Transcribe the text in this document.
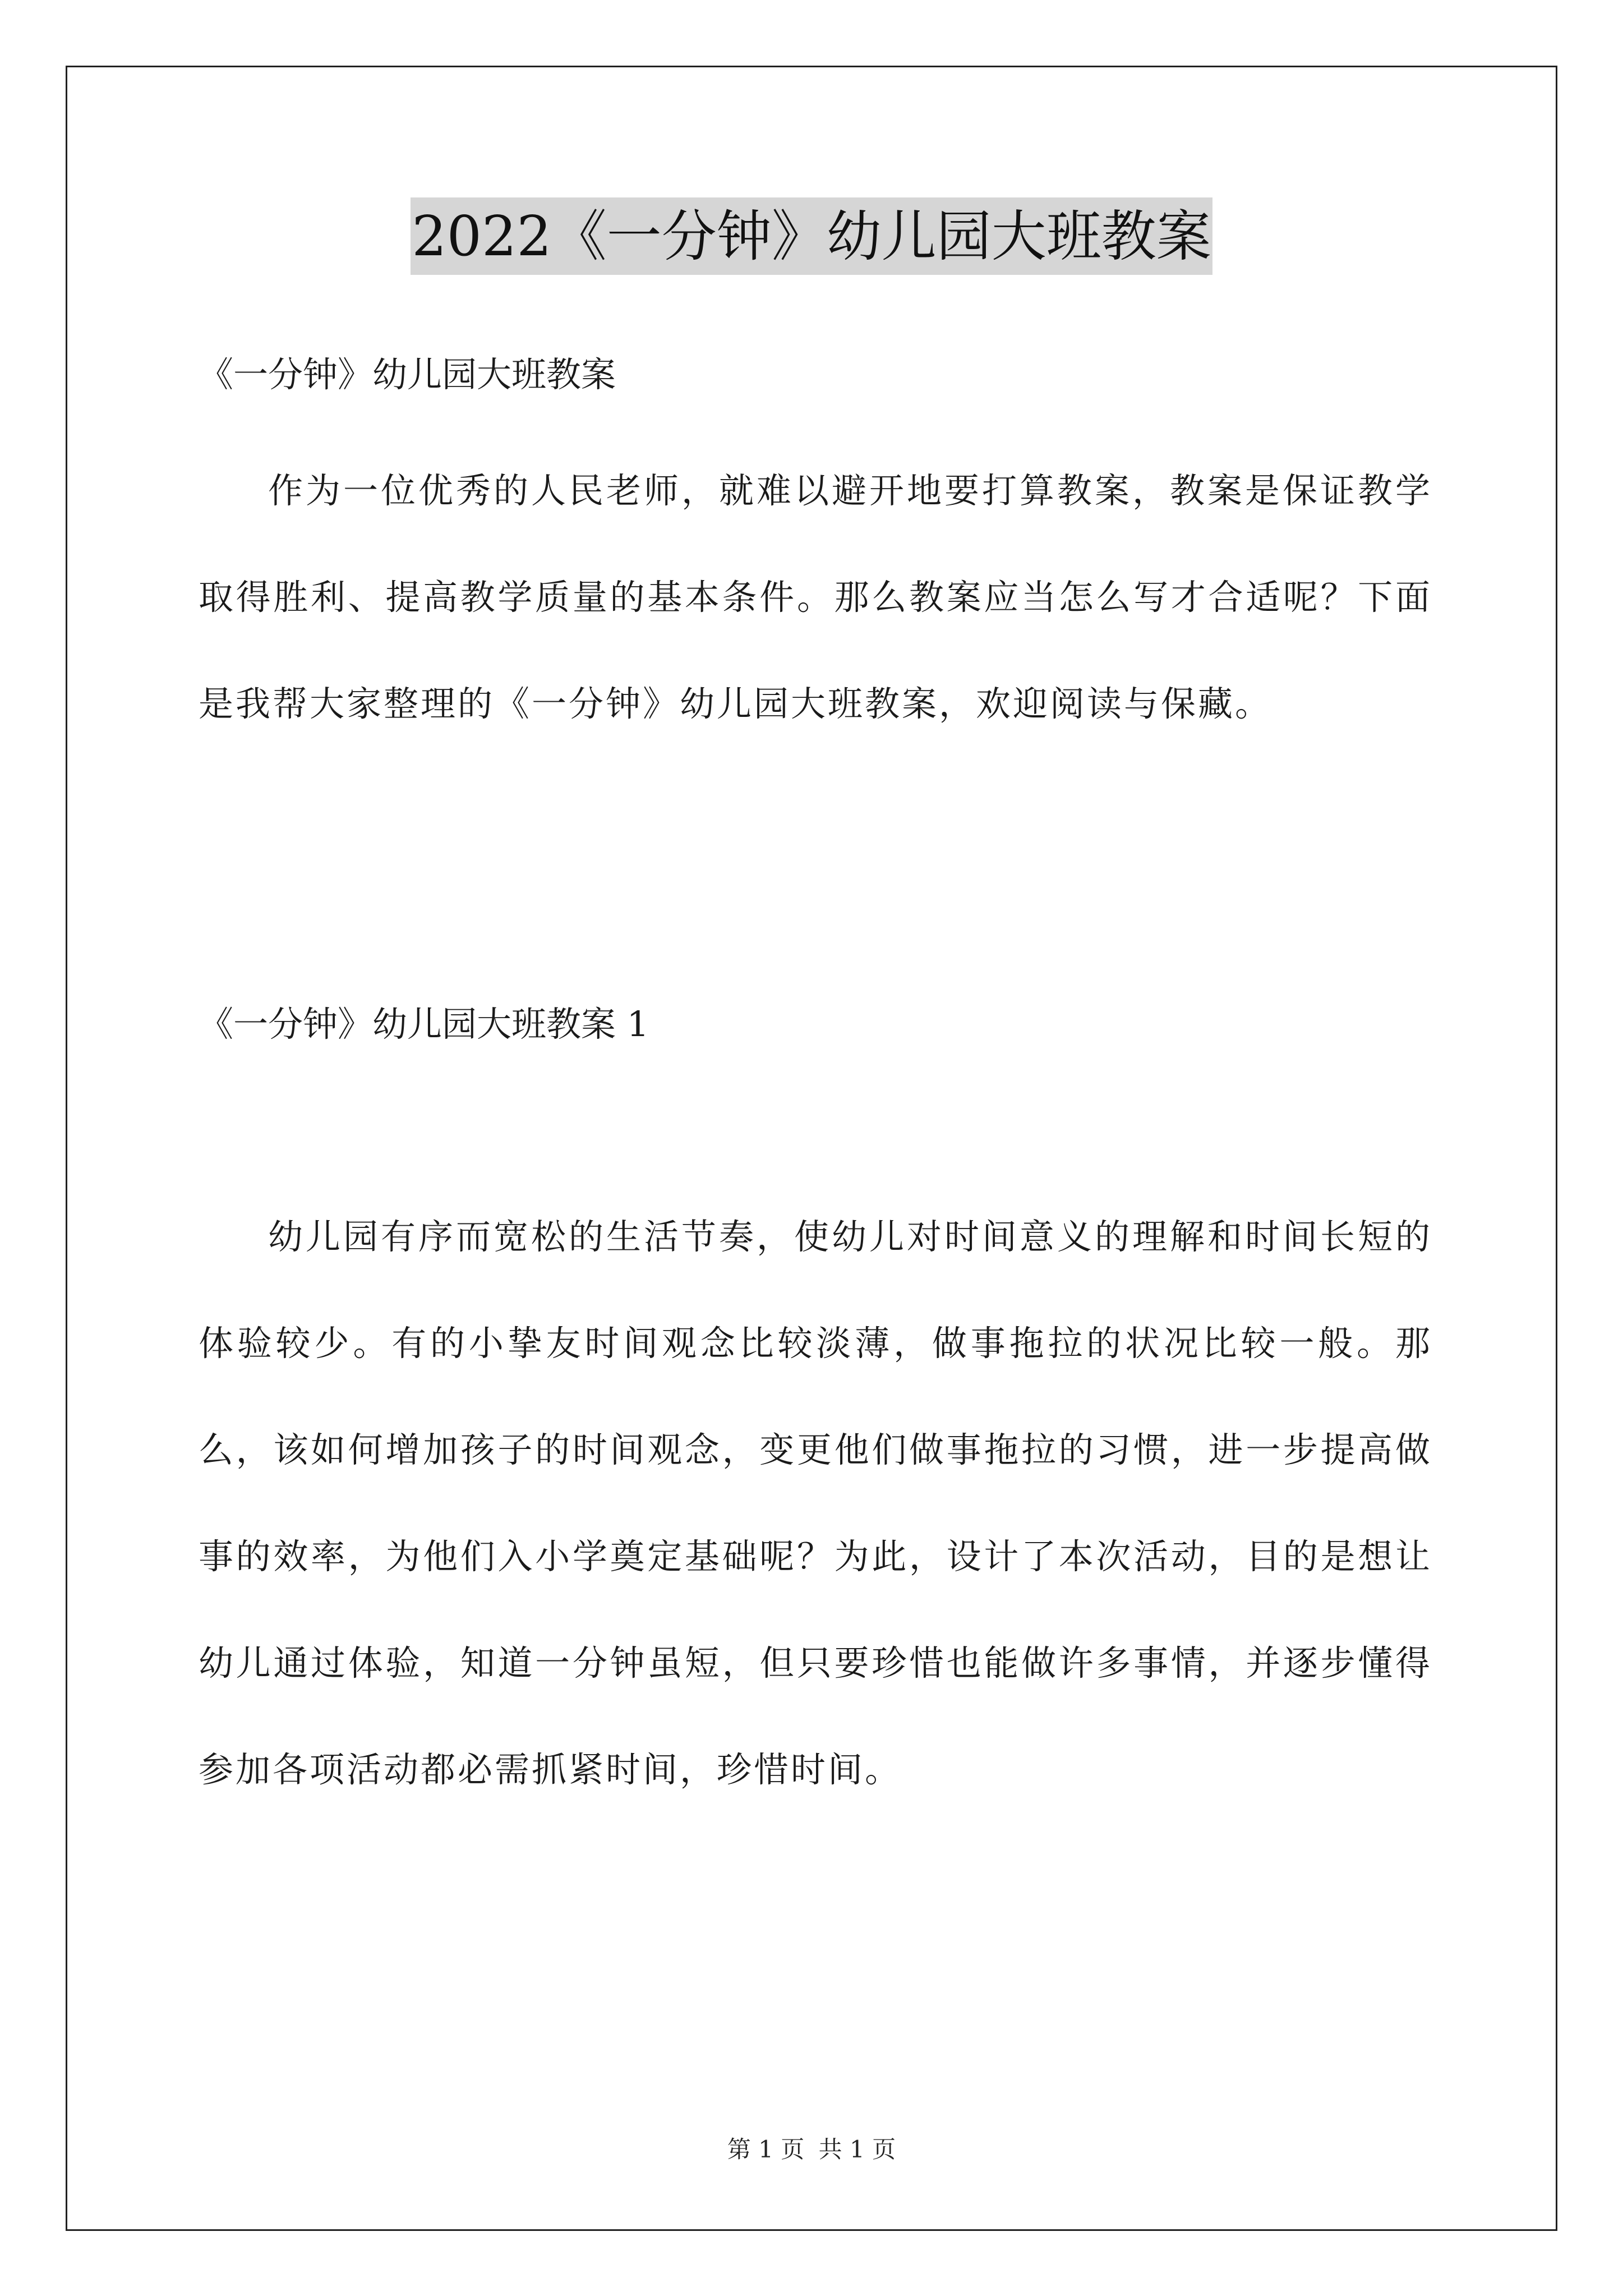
2022《一分钟》幼儿园大班教案
《一分钟》幼儿园大班教案
作为一位优秀的人民老师，就难以避开地要打算教案，教案是保证教学取得胜利、提高教学质量的基本条件。那么教案应当怎么写才合适呢？下面是我帮大家整理的《一分钟》幼儿园大班教案，欢迎阅读与保藏。
《一分钟》幼儿园大班教案 1
幼儿园有序而宽松的生活节奏，使幼儿对时间意义的理解和时间长短的体验较少。有的小挚友时间观念比较淡薄，做事拖拉的状况比较一般。那么，该如何增加孩子的时间观念，变更他们做事拖拉的习惯，进一步提高做事的效率，为他们入小学奠定基础呢？为此，设计了本次活动，目的是想让幼儿通过体验，知道一分钟虽短，但只要珍惜也能做许多事情，并逐步懂得参加各项活动都必需抓紧时间，珍惜时间。
第 1 页 共 1 页
